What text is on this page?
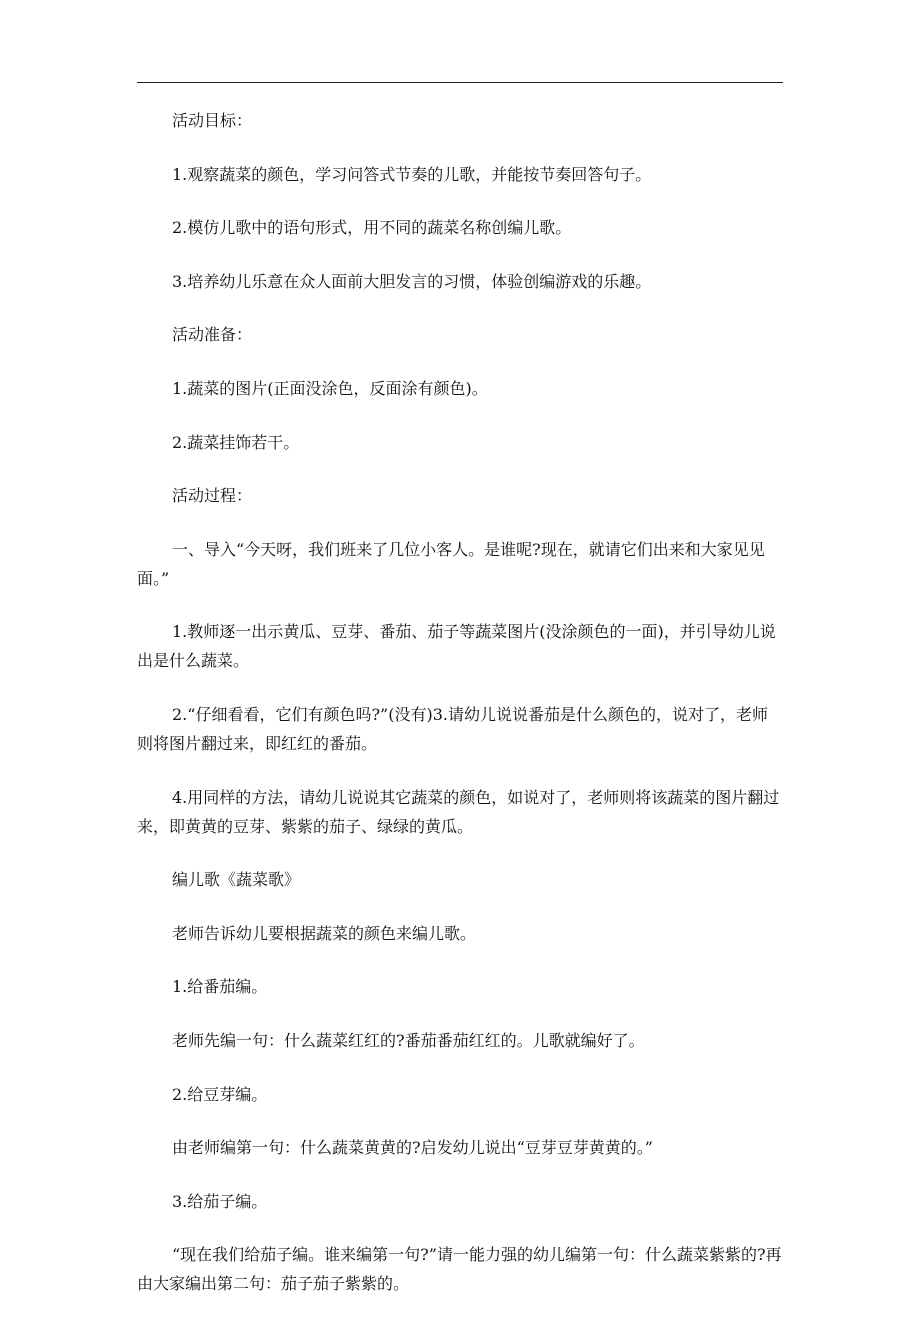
活动目标：

1.观察蔬菜的颜色，学习问答式节奏的儿歌，并能按节奏回答句子。

2.模仿儿歌中的语句形式，用不同的蔬菜名称创编儿歌。

3.培养幼儿乐意在众人面前大胆发言的习惯，体验创编游戏的乐趣。

活动准备：

1.蔬菜的图片(正面没涂色，反面涂有颜色)。

2.蔬菜挂饰若干。

活动过程：

一、导入“今天呀，我们班来了几位小客人。是谁呢?现在，就请它们出来和大家见见面。”

1.教师逐一出示黄瓜、豆芽、番茄、茄子等蔬菜图片(没涂颜色的一面)，并引导幼儿说出是什么蔬菜。

2.“仔细看看，它们有颜色吗?”(没有)3.请幼儿说说番茄是什么颜色的，说对了，老师则将图片翻过来，即红红的番茄。

4.用同样的方法，请幼儿说说其它蔬菜的颜色，如说对了，老师则将该蔬菜的图片翻过来，即黄黄的豆芽、紫紫的茄子、绿绿的黄瓜。

编儿歌《蔬菜歌》

老师告诉幼儿要根据蔬菜的颜色来编儿歌。

1.给番茄编。

老师先编一句：什么蔬菜红红的?番茄番茄红红的。儿歌就编好了。

2.给豆芽编。

由老师编第一句：什么蔬菜黄黄的?启发幼儿说出“豆芽豆芽黄黄的。”

3.给茄子编。

“现在我们给茄子编。谁来编第一句?”请一能力强的幼儿编第一句：什么蔬菜紫紫的?再由大家编出第二句：茄子茄子紫紫的。
